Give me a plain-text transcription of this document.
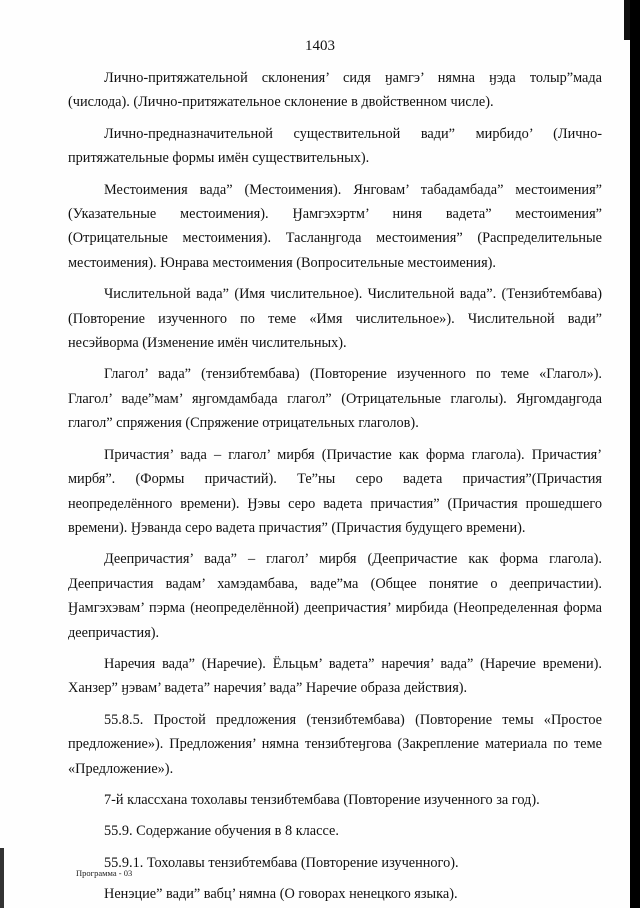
1403

Лично-притяжательной склонения’ сидя ӈамгэ’ нямна ӈэда толыр”мада (числода). (Лично-притяжательное склонение в двойственном числе).

Лично-предназначительной существительной вади” мирбидо’ (Лично-притяжательные формы имён существительных).

Местоимения вада” (Местоимения). Янговам’ табадамбада” местоимения” (Указательные местоимения). Ӈамгэхэртм’ ниня вадета” местоимения” (Отрицательные местоимения). Тасланӈгода местоимения” (Распределительные местоимения). Юнрава местоимения (Вопросительные местоимения).

Числительной вада” (Имя числительное). Числительной вада”. (Тензибтембава) (Повторение изученного по теме «Имя числительное»). Числительной вади” несэйворма (Изменение имён числительных).

Глагол’ вада” (тензибтембава) (Повторение изученного по теме «Глагол»). Глагол’ ваде”мам’ яӈгомдамбада глагол” (Отрицательные глаголы). Яӈгомдаӈгода глагол” спряжения (Спряжение отрицательных глаголов).

Причастия’ вада – глагол’ мирбя (Причастие как форма глагола). Причастия’ мирбя”. (Формы причастий). Те”ны серо вадета причастия”(Причастия неопределённого времени). Ӈэвы серо вадета причастия” (Причастия прошедшего времени). Ӈэванда серо вадета причастия” (Причастия будущего времени).

Деепричастия’ вада” – глагол’ мирбя (Деепричастие как форма глагола). Деепричастия вадам’ хамэдамбава, ваде”ма (Общее понятие о деепричастии). Ӈамгэхэвам’ пэрма (неопределённой) деепричастия’ мирбида (Неопределенная форма деепричастия).

Наречия вада” (Наречие). Ёльцьм’ вадета” наречия’ вада” (Наречие времени). Ханзер” ӈэвам’ вадета” наречия’ вада” Наречие образа действия).

55.8.5. Простой предложения (тензибтембава) (Повторение темы «Простое предложение»). Предложения’ нямна тензибтеӈгова (Закрепление материала по теме «Предложение»).

7-й классхана тохолавы тензибтембава (Повторение изученного за год).

55.9. Содержание обучения в 8 классе.

55.9.1. Тохолавы тензибтембава (Повторение изученного).

Ненэцие” вади” вабц’ нямна (О говорах ненецкого языка).

Программа - 03
